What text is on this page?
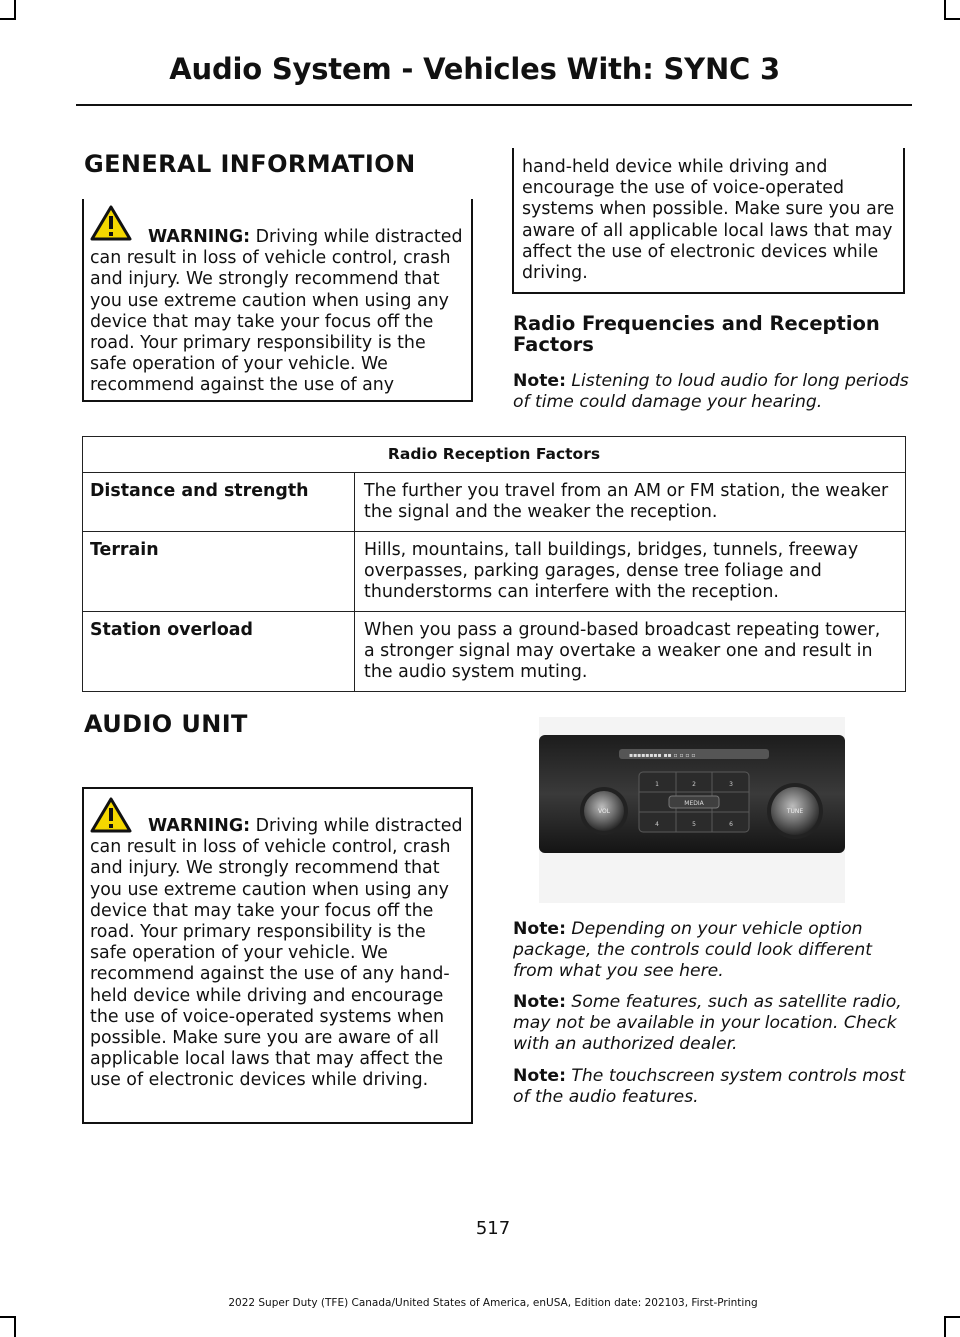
Audio System - Vehicles With: SYNC 3
GENERAL INFORMATION
WARNING: Driving while distracted can result in loss of vehicle control, crash and injury. We strongly recommend that you use extreme caution when using any device that may take your focus off the road. Your primary responsibility is the safe operation of your vehicle. We recommend against the use of any
hand-held device while driving and encourage the use of voice-operated systems when possible. Make sure you are aware of all applicable local laws that may affect the use of electronic devices while driving.
Radio Frequencies and Reception Factors
Note: Listening to loud audio for long periods of time could damage your hearing.
Radio Reception Factors	
Distance and strength	The further you travel from an AM or FM station, the weaker the signal and the weaker the reception.
Terrain	Hills, mountains, tall buildings, bridges, tunnels, freeway overpasses, parking garages, dense tree foliage and thunderstorms can interfere with the reception.
Station overload	When you pass a ground-based broadcast repeating tower, a stronger signal may overtake a weaker one and result in the audio system muting.
AUDIO UNIT
WARNING: Driving while distracted can result in loss of vehicle control, crash and injury. We strongly recommend that you use extreme caution when using any device that may take your focus off the road. Your primary responsibility is the safe operation of your vehicle. We recommend against the use of any hand-held device while driving and encourage the use of voice-operated systems when possible. Make sure you are aware of all applicable local laws that may affect the use of electronic devices while driving.
▪▪▪▪▪▪▪▪ ▪▪ ▫ ▫ ▫ ▫
MEDIA
1	2	3
4	5	6
VOL	TUNE
Note: Depending on your vehicle option package, the controls could look different from what you see here.
Note: Some features, such as satellite radio, may not be available in your location. Check with an authorized dealer.
Note: The touchscreen system controls most of the audio features.
517
2022 Super Duty (TFE) Canada/United States of America, enUSA, Edition date: 202103, First-Printing
